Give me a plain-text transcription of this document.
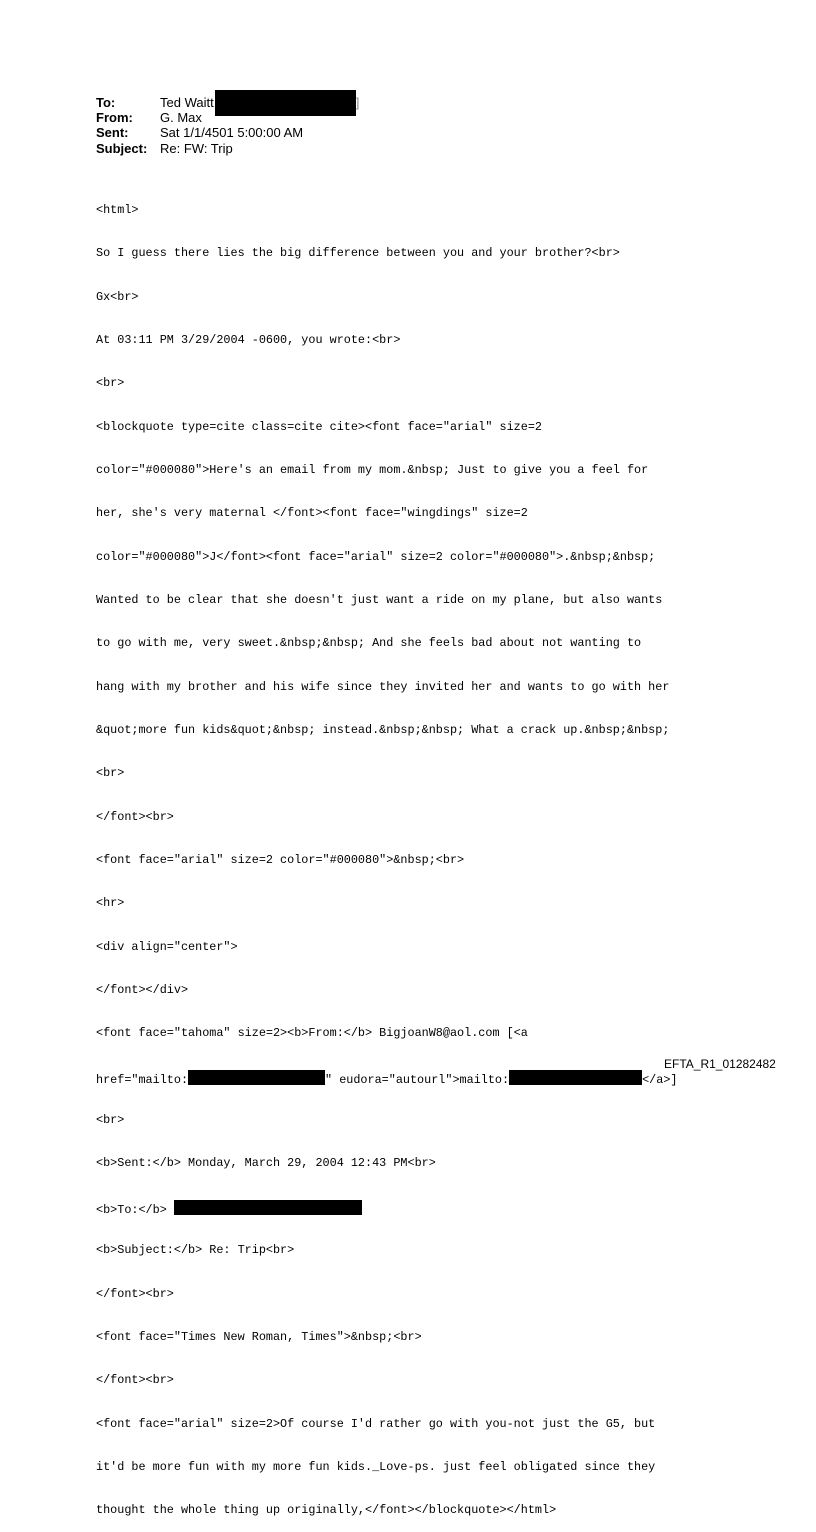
To:	Ted Waitt	]
From:	G. Max
Sent:	Sat 1/1/4501 5:00:00 AM
Subject: Re: FW: Trip

<html>

So I guess there lies the big difference between you and your brother?<br>

Gx<br>

At 03:11 PM 3/29/2004 -0600, you wrote:<br>

<br>

<blockquote type=cite class=cite cite><font face="arial" size=2

color="#000080">Here's an email from my mom.&nbsp; Just to give you a feel for

her, she's very maternal </font><font face="wingdings" size=2

color="#000080">J</font><font face="arial" size=2 color="#000080">.&nbsp;&nbsp;

Wanted to be clear that she doesn't just want a ride on my plane, but also wants

to go with me, very sweet.&nbsp;&nbsp; And she feels bad about not wanting to

hang with my brother and his wife since they invited her and wants to go with her

&quot;more fun kids&quot;&nbsp; instead.&nbsp;&nbsp; What a crack up.&nbsp;&nbsp;

<br>

</font><br>

<font face="arial" size=2 color="#000080">&nbsp;<br>

<hr>

<div align="center">

</font></div>

<font face="tahoma" size=2><b>From:</b> BigjoanW8@aol.com [<a

href="mailto:	" eudora="autourl">mailto:	</a>]

<br>

<b>Sent:</b> Monday, March 29, 2004 12:43 PM<br>

<b>To:</b>

<b>Subject:</b> Re: Trip<br>

</font><br>

<font face="Times New Roman, Times">&nbsp;<br>

</font><br>

<font face="arial" size=2>Of course I'd rather go with you-not just the G5, but

it'd be more fun with my more fun kids._Love-ps. just feel obligated since they

thought the whole thing up originally,</font></blockquote></html>

EFTA_R1_01282482
